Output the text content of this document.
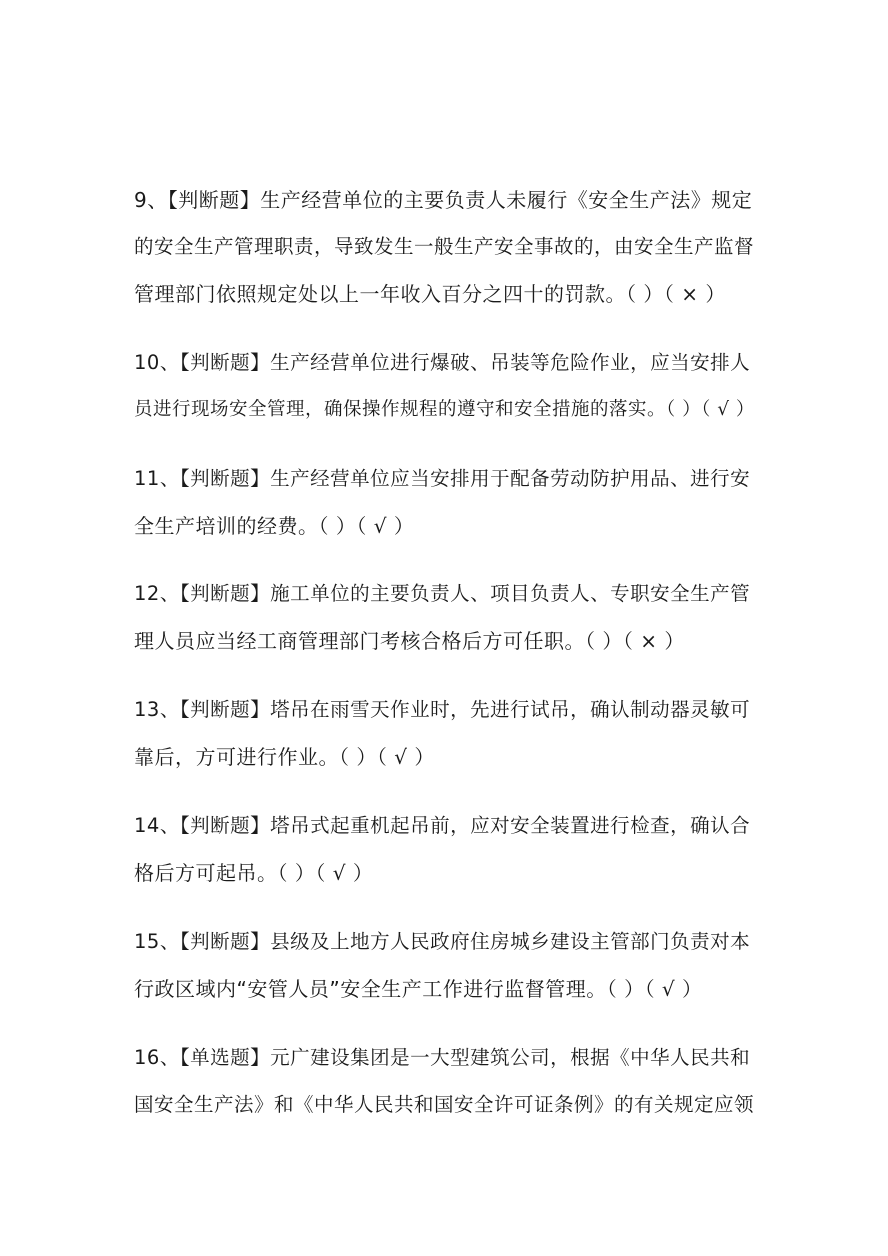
9、【判断题】生产经营单位的主要负责人未履行《安全生产法》规定
的安全生产管理职责，导致发生一般生产安全事故的，由安全生产监督
管理部门依照规定处以上一年收入百分之四十的罚款。（ ）（ × ）
10、【判断题】生产经营单位进行爆破、吊装等危险作业，应当安排人
员进行现场安全管理，确保操作规程的遵守和安全措施的落实。（ ）（ √ ）
11、【判断题】生产经营单位应当安排用于配备劳动防护用品、进行安
全生产培训的经费。（ ）（ √ ）
12、【判断题】施工单位的主要负责人、项目负责人、专职安全生产管
理人员应当经工商管理部门考核合格后方可任职。（ ）（ × ）
13、【判断题】塔吊在雨雪天作业时，先进行试吊，确认制动器灵敏可
靠后，方可进行作业。（ ）（ √ ）
14、【判断题】塔吊式起重机起吊前，应对安全装置进行检查，确认合
格后方可起吊。（ ）（ √ ）
15、【判断题】县级及上地方人民政府住房城乡建设主管部门负责对本
行政区域内“安管人员”安全生产工作进行监督管理。（ ）（ √ ）
16、【单选题】元广建设集团是一大型建筑公司，根据《中华人民共和
国安全生产法》和《中华人民共和国安全许可证条例》的有关规定应领
